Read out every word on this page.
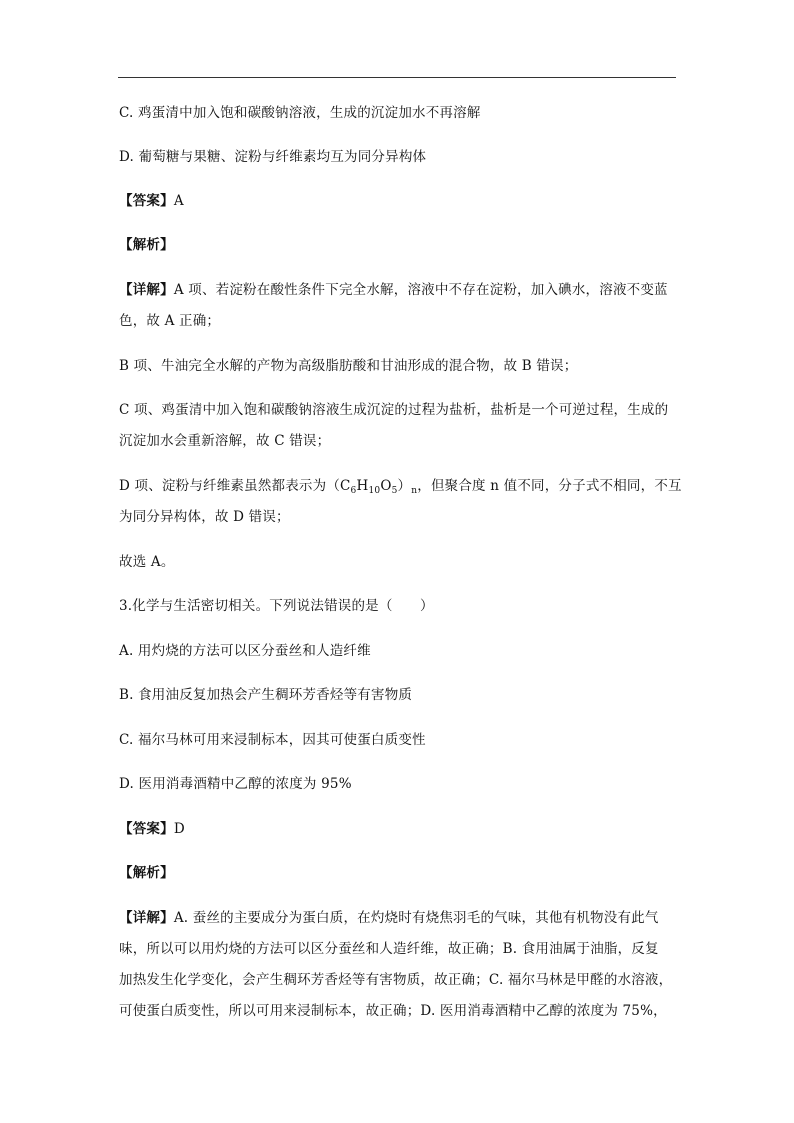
C. 鸡蛋清中加入饱和碳酸钠溶液，生成的沉淀加水不再溶解
D. 葡萄糖与果糖、淀粉与纤维素均互为同分异构体
【答案】A
【解析】
【详解】A 项、若淀粉在酸性条件下完全水解，溶液中不存在淀粉，加入碘水，溶液不变蓝
色，故 A 正确；
B 项、牛油完全水解的产物为高级脂肪酸和甘油形成的混合物，故 B 错误；
C 项、鸡蛋清中加入饱和碳酸钠溶液生成沉淀的过程为盐析，盐析是一个可逆过程，生成的
沉淀加水会重新溶解，故 C 错误；
D 项、淀粉与纤维素虽然都表示为$(C_6H_{10}O_5)_n$，但聚合度 n 值不同，分子式不相同，不互
为同分异构体，故 D 错误；
故选 A。
3.化学与生活密切相关。下列说法错误的是（　　）
A. 用灼烧的方法可以区分蚕丝和人造纤维
B. 食用油反复加热会产生稠环芳香烃等有害物质
C. 福尔马林可用来浸制标本，因其可使蛋白质变性
D. 医用消毒酒精中乙醇的浓度为 95%
【答案】D
【解析】
【详解】A. 蚕丝的主要成分为蛋白质，在灼烧时有烧焦羽毛的气味，其他有机物没有此气
味，所以可以用灼烧的方法可以区分蚕丝和人造纤维，故正确；B. 食用油属于油脂，反复
加热发生化学变化，会产生稠环芳香烃等有害物质，故正确；C. 福尔马林是甲醛的水溶液，
可使蛋白质变性，所以可用来浸制标本，故正确；D. 医用消毒酒精中乙醇的浓度为 75%，
